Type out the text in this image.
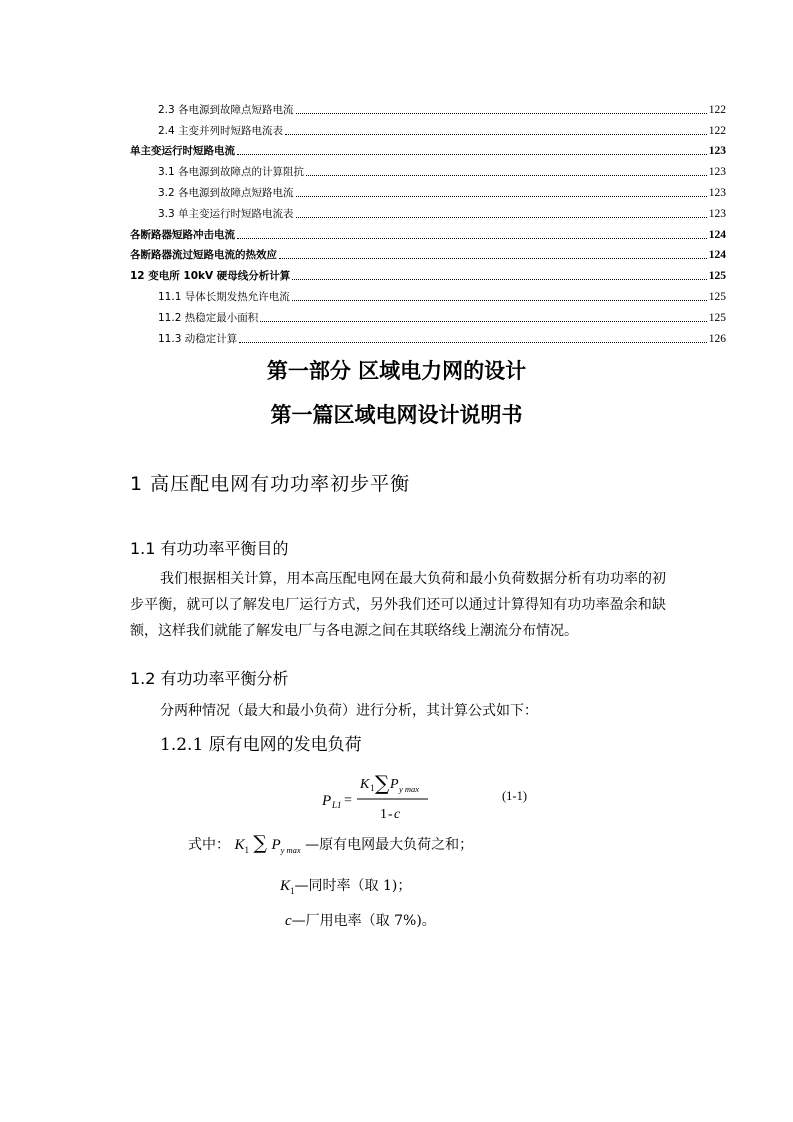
2.3 各电源到故障点短路电流	122
2.4 主变并列时短路电流表	122
单主变运行时短路电流	123
3.1 各电源到故障点的计算阻抗	123
3.2 各电源到故障点短路电流	123
3.3 单主变运行时短路电流表	123
各断路器短路冲击电流	124
各断路器流过短路电流的热效应	124
12 变电所 10kV 硬母线分析计算	125
11.1 导体长期发热允许电流	125
11.2 热稳定最小面积	125
11.3 动稳定计算	126
第一部分 区域电力网的设计
第一篇区域电网设计说明书
1 高压配电网有功功率初步平衡
1.1 有功功率平衡目的
我们根据相关计算，用本高压配电网在最大负荷和最小负荷数据分析有功功率的初步平衡，就可以了解发电厂运行方式，另外我们还可以通过计算得知有功功率盈余和缺额，这样我们就能了解发电厂与各电源之间在其联络线上潮流分布情况。
1.2 有功功率平衡分析
分两种情况（最大和最小负荷）进行分析，其计算公式如下：
1.2.1 原有电网的发电负荷
P L1 =
K 1 ∑ P y max
1 - c
(1-1)
式中： $K_1$ ∑ $P_{y max}$ —原有电网最大负荷之和；
$K_1—$同时率（取 1)；
c—厂用电率（取 7%)。
